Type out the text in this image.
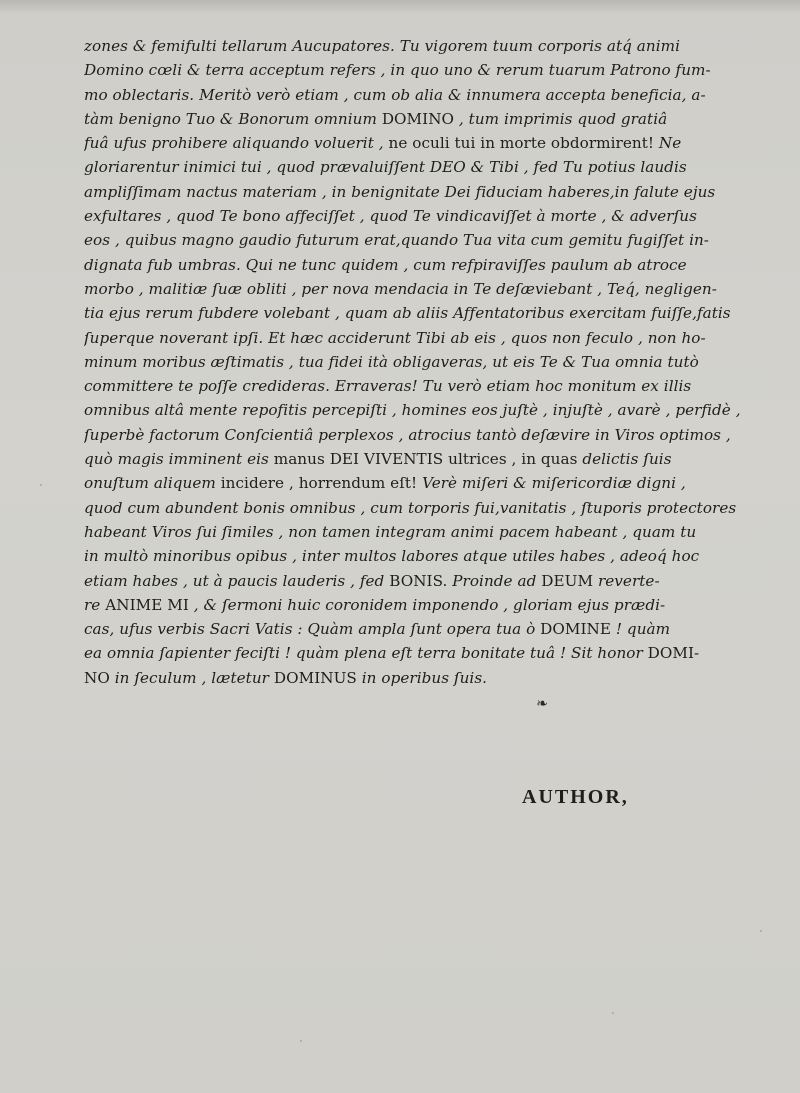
zones & femifulti tellarum Aucupatores. Tu vigorem tuum corporis atq́ animi
Domino cœli & terra acceptum refers , in quo uno & rerum tuarum Patrono fum-
mo oblectaris. Meritò verò etiam , cum ob alia & innumera accepta beneficia, a-
tàm benigno Tuo & Bonorum omnium DOMINO , tum imprimis quod gratiâ
fuâ ufus prohibere aliquando voluerit , ne oculi tui in morte obdormirent! Ne
gloriarentur inimici tui , quod prævaluiſſent DEO & Tibi , fed Tu potius laudis
ampliſſimam nactus materiam , in benignitate Dei fiduciam haberes,in falute ejus
exfultares , quod Te bono affeciſſet , quod Te vindicaviſſet à morte , & adverſus
eos , quibus magno gaudio futurum erat,quando Tua vita cum gemitu fugiſſet in-
dignata fub umbras. Qui ne tunc quidem , cum refpiraviſſes paulum ab atroce
morbo , malitiæ ſuæ obliti , per nova mendacia in Te deſæviebant , Teq́, negligen-
tia ejus rerum fubdere volebant , quam ab aliis Affentatoribus exercitam fuiſſe,fatis
ſuperque noverant ipſi. Et hæc acciderunt Tibi ab eis , quos non feculo , non ho-
minum moribus æſtimatis , tua fidei ità obligaveras, ut eis Te & Tua omnia tutò
committere te poſſe credideras. Erraveras! Tu verò etiam hoc monitum ex illis
omnibus altâ mente repofitis percepiſti , homines eos juſtè , injuſtè , avarè , perfidè ,
ſuperbè factorum Conſcientiâ perplexos , atrocius tantò deſævire in Viros optimos ,
quò magis imminent eis manus DEI VIVENTIS ultrices , in quas delictis ſuis
onuſtum aliquem incidere , horrendum eſt! Verè miſeri & miſericordiæ digni ,
quod cum abundent bonis omnibus , cum torporis fui,vanitatis , ſtuporis protectores
habeant Viros ſui ſimiles , non tamen integram animi pacem habeant , quam tu
in multò minoribus opibus , inter multos labores atque utiles habes , adeoq́ hoc
etiam habes , ut à paucis lauderis , fed BONIS. Proinde ad DEUM reverte-
re ANIME MI , & ſermoni huic coronidem imponendo , gloriam ejus prædi-
cas, ufus verbis Sacri Vatis : Quàm ampla ſunt opera tua ò DOMINE ! quàm
ea omnia ſapienter feciſti ! quàm plena eſt terra bonitate tuâ ! Sit honor DOMI-
NO in ſeculum , lætetur DOMINUS in operibus ſuis.
❧
AUTHOR,
